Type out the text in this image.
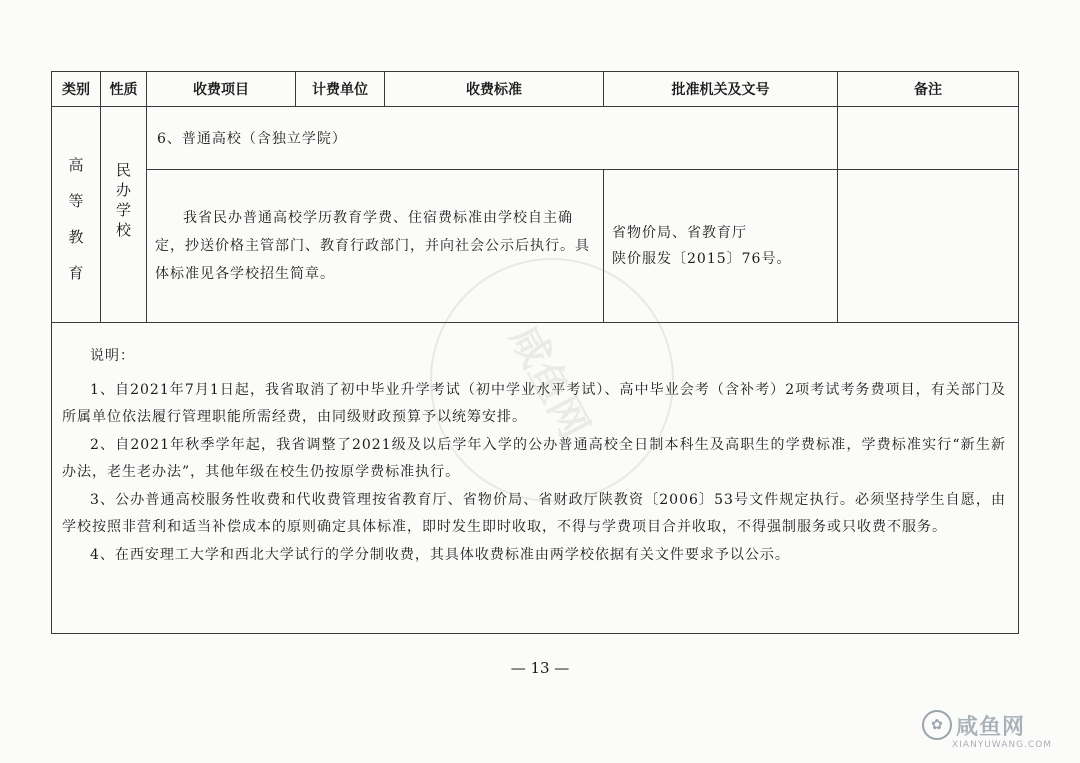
类别	性质	收费项目	计费单位	收费标准	批准机关及文号	备注
高等教育	民办学校	6、普通高校（含独立学院）				
		我省民办普通高校学历教育学费、住宿费标准由学校自主确定，抄送价格主管部门、教育行政部门，并向社会公示后执行。具体标准见各学校招生简章。			省物价局、省教育厅
陕价服发〔2015〕76号。	

说明：

1、自2021年7月1日起，我省取消了初中毕业升学考试（初中学业水平考试）、高中毕业会考（含补考）2项考试考务费项目，有关部门及所属单位依法履行管理职能所需经费，由同级财政预算予以统筹安排。

2、自2021年秋季学年起，我省调整了2021级及以后学年入学的公办普通高校全日制本科生及高职生的学费标准，学费标准实行“新生新办法，老生老办法”，其他年级在校生仍按原学费标准执行。

3、公办普通高校服务性收费和代收费管理按省教育厅、省物价局、省财政厅陕教资〔2006〕53号文件规定执行。必须坚持学生自愿，由学校按照非营利和适当补偿成本的原则确定具体标准，即时发生即时收取，不得与学费项目合并收取，不得强制服务或只收费不服务。

4、在西安理工大学和西北大学试行的学分制收费，其具体收费标准由两学校依据有关文件要求予以公示。						

咸鱼网
— 13 —
✿ 咸鱼网
XIANYUWANG.COM
